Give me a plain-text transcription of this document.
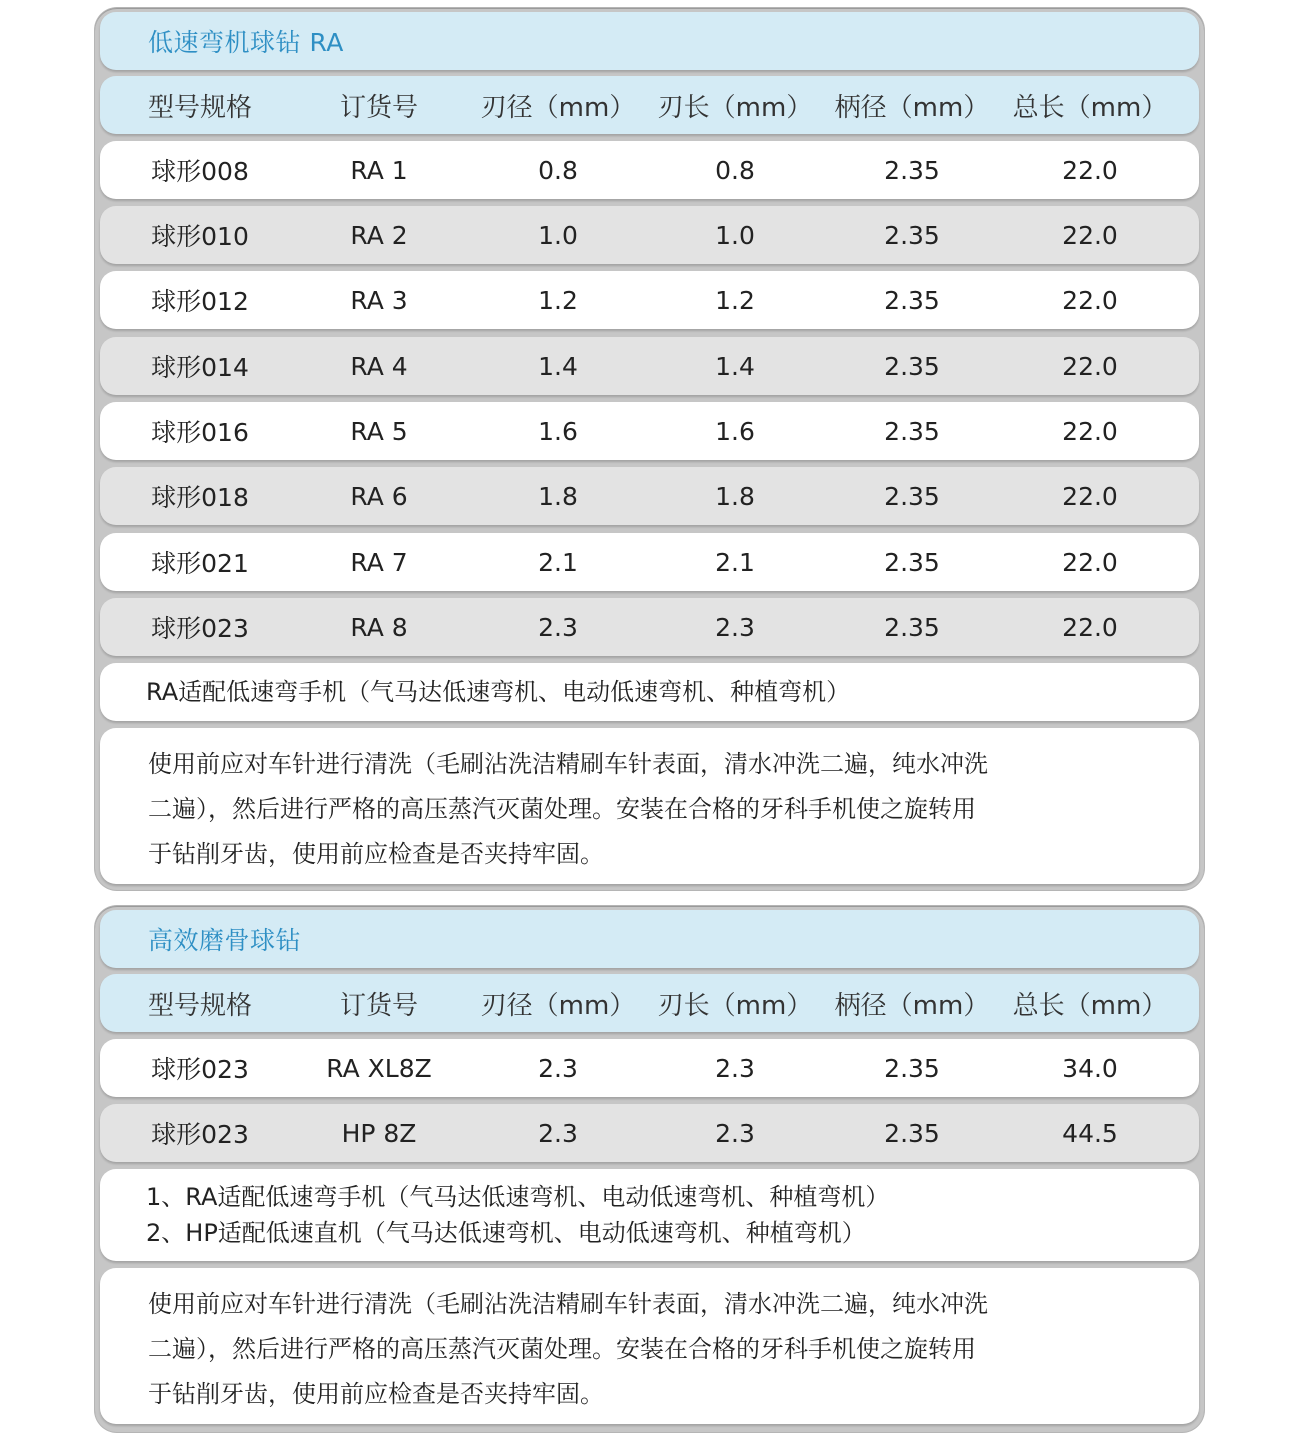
低速弯机球钻 RA
型号规格	订货号 刃径（mm） 刃长（mm） 柄径（mm） 总长（mm）
球形008	RA 1	0.8	0.8	2.35	22.0
球形010	RA 2	1.0	1.0	2.35	22.0
球形012	RA 3	1.2	1.2	2.35	22.0
球形014	RA 4	1.4	1.4	2.35	22.0
球形016	RA 5	1.6	1.6	2.35	22.0
球形018	RA 6	1.8	1.8	2.35	22.0
球形021	RA 7	2.1	2.1	2.35	22.0
球形023	RA 8	2.3	2.3	2.35	22.0
RA适配低速弯手机（气马达低速弯机、电动低速弯机、种植弯机）
使用前应对车针进行清洗（毛刷沾洗洁精刷车针表面，清水冲洗二遍，纯水冲洗
二遍），然后进行严格的高压蒸汽灭菌处理。安装在合格的牙科手机使之旋转用
于钻削牙齿，使用前应检查是否夹持牢固。
高效磨骨球钻
型号规格	订货号 刃径（mm） 刃长（mm） 柄径（mm） 总长（mm）
球形023	RA XL8Z	2.3	2.3	2.35	34.0
球形023	HP 8Z	2.3	2.3	2.35	44.5
1、RA适配低速弯手机（气马达低速弯机、电动低速弯机、种植弯机）
2、HP适配低速直机（气马达低速弯机、电动低速弯机、种植弯机）
使用前应对车针进行清洗（毛刷沾洗洁精刷车针表面，清水冲洗二遍，纯水冲洗
二遍），然后进行严格的高压蒸汽灭菌处理。安装在合格的牙科手机使之旋转用
于钻削牙齿，使用前应检查是否夹持牢固。
